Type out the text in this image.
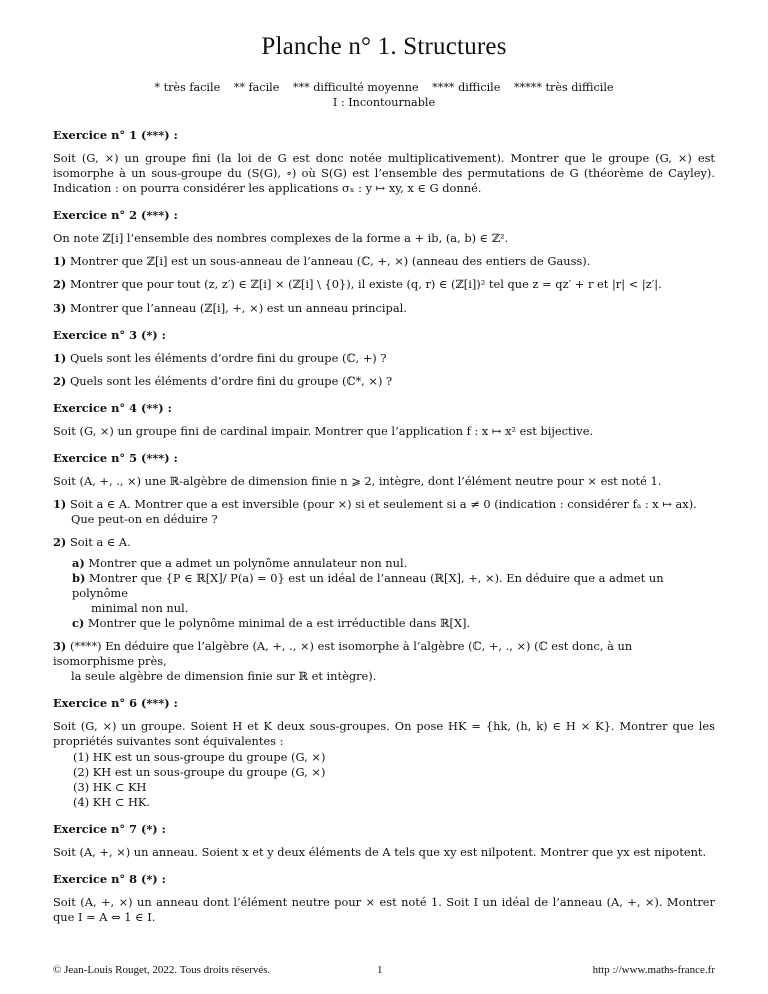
Planche n° 1. Structures
* très facile ** facile *** difficulté moyenne **** difficile ***** très difficile
I : Incontournable
Exercice n° 1 (***) :

Soit (G, ×) un groupe fini (la loi de G est donc notée multiplicativement). Montrer que le groupe (G, ×) est isomorphe à un sous-groupe du (S(G), ∘) où S(G) est l’ensemble des permutations de G (théorème de Cayley). Indication : on pourra considérer les applications σₓ : y ↦ xy, x ∈ G donné.

Exercice n° 2 (***) :

On note ℤ[i] l’ensemble des nombres complexes de la forme a + ib, (a, b) ∈ ℤ².

1) Montrer que ℤ[i] est un sous-anneau de l’anneau (ℂ, +, ×) (anneau des entiers de Gauss).
2) Montrer que pour tout (z, z′) ∈ ℤ[i] × (ℤ[i] \ {0}), il existe (q, r) ∈ (ℤ[i])² tel que z = qz′ + r et |r| < |z′|.
3) Montrer que l’anneau (ℤ[i], +, ×) est un anneau principal.
Exercice n° 3 (*) :
1) Quels sont les éléments d’ordre fini du groupe (ℂ, +) ?
2) Quels sont les éléments d’ordre fini du groupe (ℂ*, ×) ?
Exercice n° 4 (**) :

Soit (G, ×) un groupe fini de cardinal impair. Montrer que l’application f : x ↦ x² est bijective.

Exercice n° 5 (***) :

Soit (A, +, ., ×) une ℝ-algèbre de dimension finie n ⩾ 2, intègre, dont l’élément neutre pour × est noté 1.

1) Soit a ∈ A. Montrer que a est inversible (pour ×) si et seulement si a ≠ 0 (indication : considérer fₐ : x ↦ ax).
Que peut-on en déduire ?
2) Soit a ∈ A.
a) Montrer que a admet un polynôme annulateur non nul.
b) Montrer que {P ∈ ℝ[X]/ P(a) = 0} est un idéal de l’anneau (ℝ[X], +, ×). En déduire que a admet un polynôme
minimal non nul.
c) Montrer que le polynôme minimal de a est irréductible dans ℝ[X].
3) (****) En déduire que l’algèbre (A, +, ., ×) est isomorphe à l’algèbre (ℂ, +, ., ×) (ℂ est donc, à un isomorphisme près,
la seule algèbre de dimension finie sur ℝ et intègre).
Exercice n° 6 (***) :

Soit (G, ×) un groupe. Soient H et K deux sous-groupes. On pose HK = {hk, (h, k) ∈ H × K}. Montrer que les propriétés suivantes sont équivalentes :

(1) HK est un sous-groupe du groupe (G, ×)
(2) KH est un sous-groupe du groupe (G, ×)
(3) HK ⊂ KH
(4) KH ⊂ HK.
Exercice n° 7 (*) :

Soit (A, +, ×) un anneau. Soient x et y deux éléments de A tels que xy est nilpotent. Montrer que yx est nipotent.

Exercice n° 8 (*) :

Soit (A, +, ×) un anneau dont l’élément neutre pour × est noté 1. Soit I un idéal de l’anneau (A, +, ×). Montrer que I = A ⇔ 1 ∈ I.

© Jean-Louis Rouget, 2022. Tous droits réservés.	1	http ://www.maths-france.fr
